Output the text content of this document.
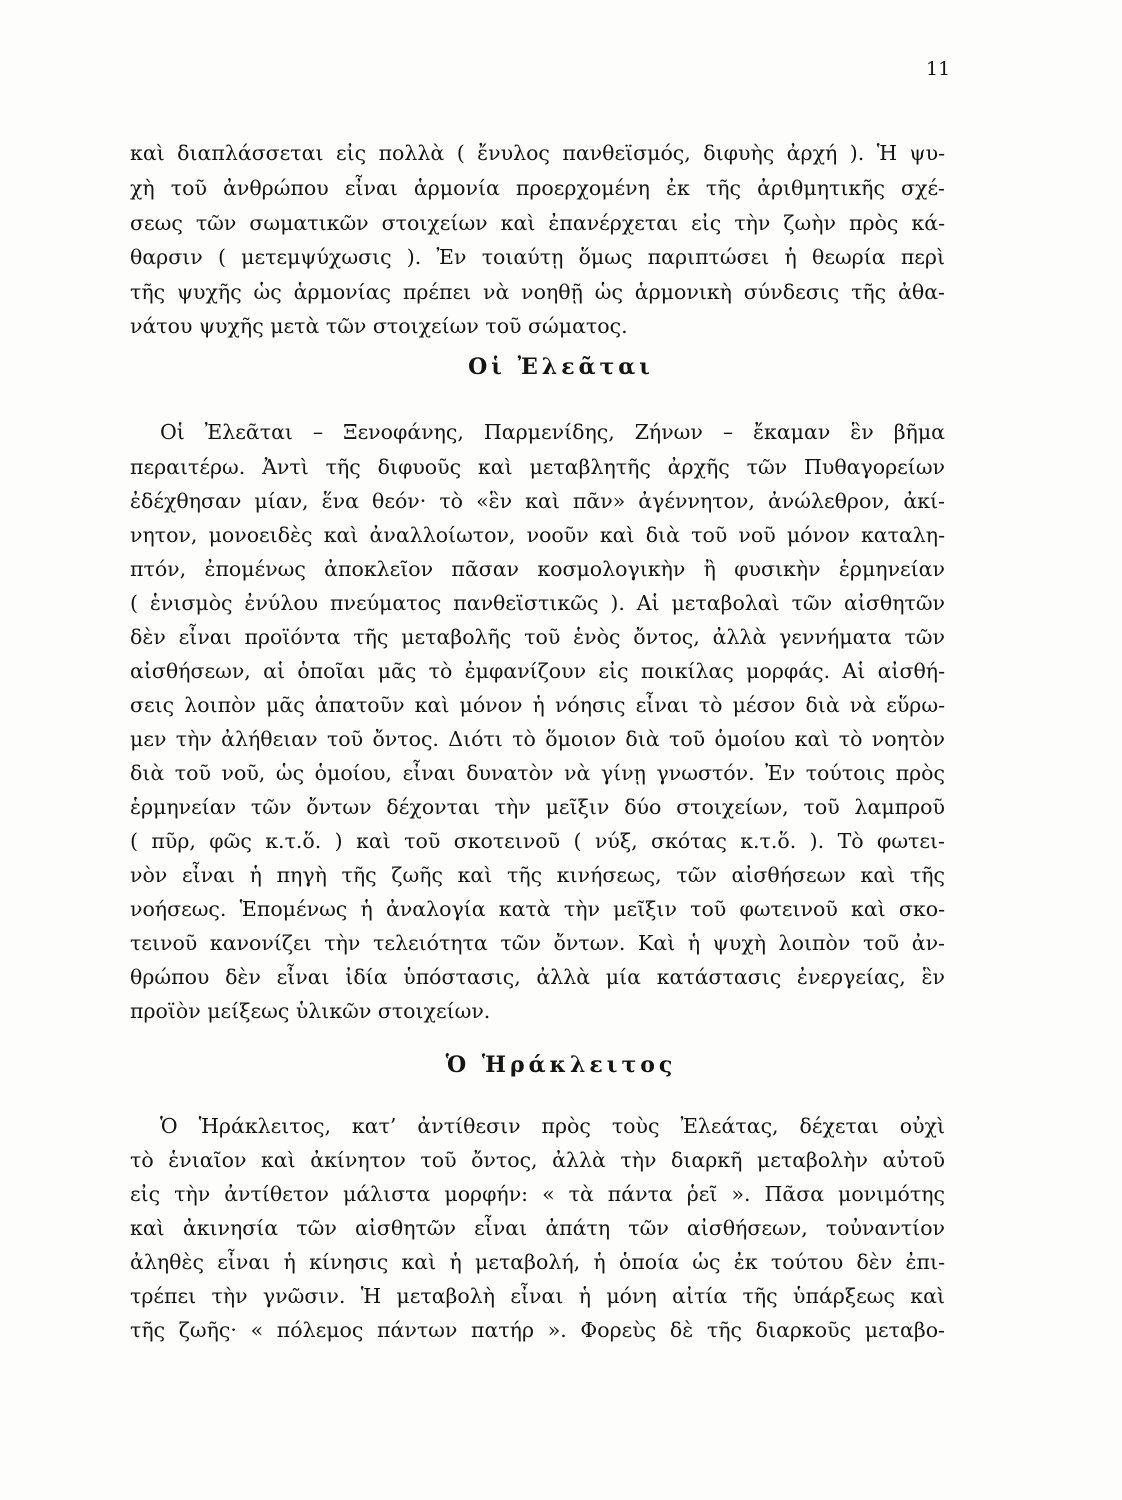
11
καὶ διαπλάσσεται εἰς πολλὰ ( ἔνυλος πανθεϊσμός, διφυὴς ἀρχή ). Ἡ ψυ-
χὴ τοῦ ἀνθρώπου εἶναι ἁρμονία προερχομένη ἐκ τῆς ἀριθμητικῆς σχέ-
σεως τῶν σωματικῶν στοιχείων καὶ ἐπανέρχεται εἰς τὴν ζωὴν πρὸς κά-
θαρσιν ( μετεμψύχωσις ). Ἐν τοιαύτῃ ὅμως παριπτώσει ἡ θεωρία περὶ
τῆς ψυχῆς ὡς ἁρμονίας πρέπει νὰ νοηθῇ ὡς ἁρμονικὴ σύνδεσις τῆς ἀθα-
νάτου ψυχῆς μετὰ τῶν στοιχείων τοῦ σώματος.
Οἱ Ἐλεᾶται
Οἱ Ἐλεᾶται – Ξενοφάνης, Παρμενίδης, Ζήνων – ἔκαμαν ἓν βῆμα
περαιτέρω. Ἀντὶ τῆς διφυοῦς καὶ μεταβλητῆς ἀρχῆς τῶν Πυθαγορείων
ἐδέχθησαν μίαν, ἕνα θεόν· τὸ «ἓν καὶ πᾶν» ἀγέννητον, ἀνώλεθρον, ἀκί-
νητον, μονοειδὲς καὶ ἀναλλοίωτον, νοοῦν καὶ διὰ τοῦ νοῦ μόνον καταλη-
πτόν, ἐπομένως ἀποκλεῖον πᾶσαν κοσμολογικὴν ἢ φυσικὴν ἑρμηνείαν
( ἑνισμὸς ἐνύλου πνεύματος πανθεϊστικῶς ). Αἱ μεταβολαὶ τῶν αἰσθητῶν
δὲν εἶναι προϊόντα τῆς μεταβολῆς τοῦ ἑνὸς ὄντος, ἀλλὰ γεννήματα τῶν
αἰσθήσεων, αἱ ὁποῖαι μᾶς τὸ ἐμφανίζουν εἰς ποικίλας μορφάς. Αἱ αἰσθή-
σεις λοιπὸν μᾶς ἀπατοῦν καὶ μόνον ἡ νόησις εἶναι τὸ μέσον διὰ νὰ εὕρω-
μεν τὴν ἀλήθειαν τοῦ ὄντος. Διότι τὸ ὅμοιον διὰ τοῦ ὁμοίου καὶ τὸ νοητὸν
διὰ τοῦ νοῦ, ὡς ὁμοίου, εἶναι δυνατὸν νὰ γίνῃ γνωστόν. Ἐν τούτοις πρὸς
ἑρμηνείαν τῶν ὄντων δέχονται τὴν μεῖξιν δύο στοιχείων, τοῦ λαμπροῦ
( πῦρ, φῶς κ.τ.ὅ. ) καὶ τοῦ σκοτεινοῦ ( νύξ, σκότας κ.τ.ὅ. ). Τὸ φωτει-
νὸν εἶναι ἡ πηγὴ τῆς ζωῆς καὶ τῆς κινήσεως, τῶν αἰσθήσεων καὶ τῆς
νοήσεως. Ἑπομένως ἡ ἀναλογία κατὰ τὴν μεῖξιν τοῦ φωτεινοῦ καὶ σκο-
τεινοῦ κανονίζει τὴν τελειότητα τῶν ὄντων. Καὶ ἡ ψυχὴ λοιπὸν τοῦ ἀν-
θρώπου δὲν εἶναι ἰδία ὑπόστασις, ἀλλὰ μία κατάστασις ἐνεργείας, ἓν
προϊὸν μείξεως ὑλικῶν στοιχείων.
Ὁ Ἡράκλειτος
Ὁ Ἡράκλειτος, κατ’ ἀντίθεσιν πρὸς τοὺς Ἐλεάτας, δέχεται οὐχὶ
τὸ ἑνιαῖον καὶ ἀκίνητον τοῦ ὄντος, ἀλλὰ τὴν διαρκῆ μεταβολὴν αὐτοῦ
εἰς τὴν ἀντίθετον μάλιστα μορφήν: « τὰ πάντα ῥεῖ ». Πᾶσα μονιμότης
καὶ ἀκινησία τῶν αἰσθητῶν εἶναι ἀπάτη τῶν αἰσθήσεων, τοὐναντίον
ἀληθὲς εἶναι ἡ κίνησις καὶ ἡ μεταβολή, ἡ ὁποία ὡς ἐκ τούτου δὲν ἐπι-
τρέπει τὴν γνῶσιν. Ἡ μεταβολὴ εἶναι ἡ μόνη αἰτία τῆς ὑπάρξεως καὶ
τῆς ζωῆς· « πόλεμος πάντων πατήρ ». Φορεὺς δὲ τῆς διαρκοῦς μεταβο-
